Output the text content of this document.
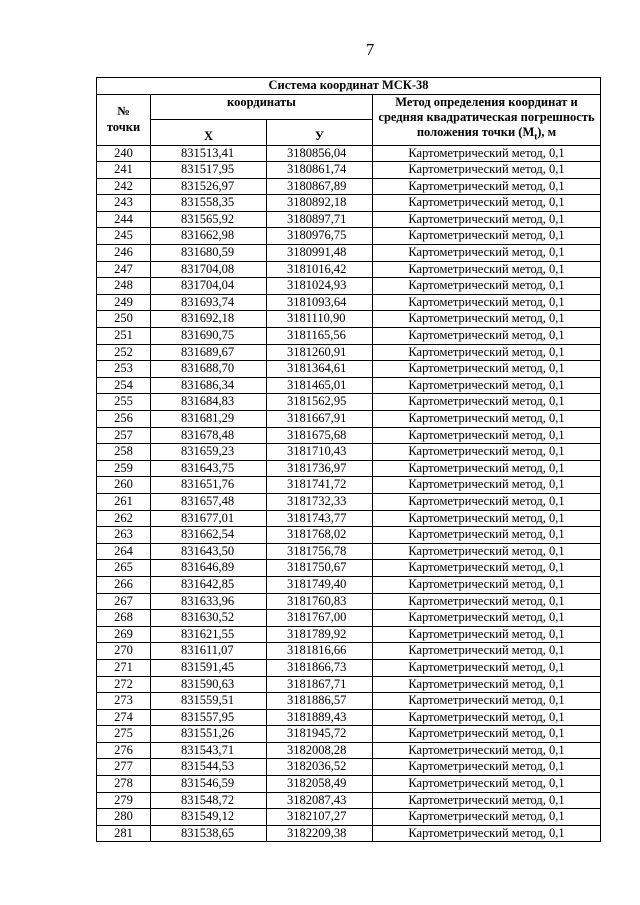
7
Система координат МСК-38			
№
точки	координаты		Метод определения координат и средняя квадратическая погрешность положения точки $(M_t)$, м
	X	У	
240	831513,41	3180856,04	Картометрический метод, 0,1
241	831517,95	3180861,74	Картометрический метод, 0,1
242	831526,97	3180867,89	Картометрический метод, 0,1
243	831558,35	3180892,18	Картометрический метод, 0,1
244	831565,92	3180897,71	Картометрический метод, 0,1
245	831662,98	3180976,75	Картометрический метод, 0,1
246	831680,59	3180991,48	Картометрический метод, 0,1
247	831704,08	3181016,42	Картометрический метод, 0,1
248	831704,04	3181024,93	Картометрический метод, 0,1
249	831693,74	3181093,64	Картометрический метод, 0,1
250	831692,18	3181110,90	Картометрический метод, 0,1
251	831690,75	3181165,56	Картометрический метод, 0,1
252	831689,67	3181260,91	Картометрический метод, 0,1
253	831688,70	3181364,61	Картометрический метод, 0,1
254	831686,34	3181465,01	Картометрический метод, 0,1
255	831684,83	3181562,95	Картометрический метод, 0,1
256	831681,29	3181667,91	Картометрический метод, 0,1
257	831678,48	3181675,68	Картометрический метод, 0,1
258	831659,23	3181710,43	Картометрический метод, 0,1
259	831643,75	3181736,97	Картометрический метод, 0,1
260	831651,76	3181741,72	Картометрический метод, 0,1
261	831657,48	3181732,33	Картометрический метод, 0,1
262	831677,01	3181743,77	Картометрический метод, 0,1
263	831662,54	3181768,02	Картометрический метод, 0,1
264	831643,50	3181756,78	Картометрический метод, 0,1
265	831646,89	3181750,67	Картометрический метод, 0,1
266	831642,85	3181749,40	Картометрический метод, 0,1
267	831633,96	3181760,83	Картометрический метод, 0,1
268	831630,52	3181767,00	Картометрический метод, 0,1
269	831621,55	3181789,92	Картометрический метод, 0,1
270	831611,07	3181816,66	Картометрический метод, 0,1
271	831591,45	3181866,73	Картометрический метод, 0,1
272	831590,63	3181867,71	Картометрический метод, 0,1
273	831559,51	3181886,57	Картометрический метод, 0,1
274	831557,95	3181889,43	Картометрический метод, 0,1
275	831551,26	3181945,72	Картометрический метод, 0,1
276	831543,71	3182008,28	Картометрический метод, 0,1
277	831544,53	3182036,52	Картометрический метод, 0,1
278	831546,59	3182058,49	Картометрический метод, 0,1
279	831548,72	3182087,43	Картометрический метод, 0,1
280	831549,12	3182107,27	Картометрический метод, 0,1
281	831538,65	3182209,38	Картометрический метод, 0,1
